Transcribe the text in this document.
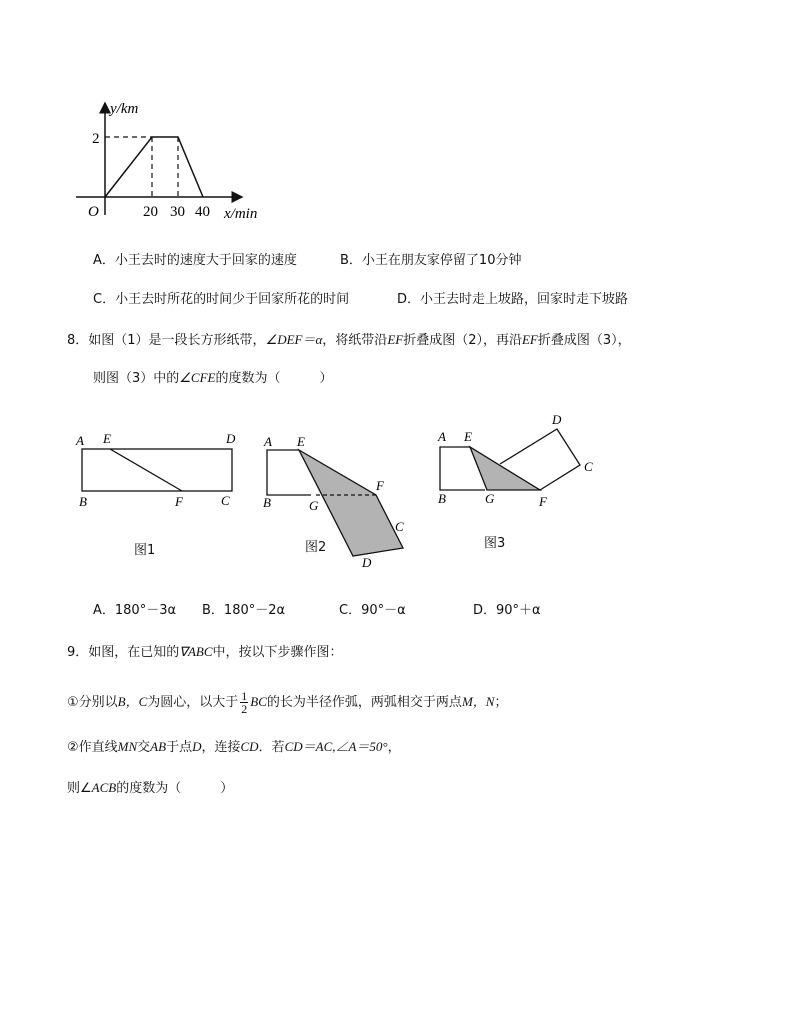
y/km
2
O	20 30 40 x/min
A．小王去时的速度大于回家的速度	B．小王在朋友家停留了10分钟
C．小王去时所花的时间少于回家所花的时间	D．小王去时走上坡路，回家时走下坡路
8．如图（1）是一段长方形纸带，∠DEF＝α，将纸带沿EF折叠成图（2），再沿EF折叠成图（3），
则图（3）中的∠CFE的度数为（　　　）
A E	D
B	F	C
图1
A E
F
B	G
C
D
图2
A E
D
C
B	G	F
图3
A．180°－3α B．180°－2α	C．90°－α	D．90°＋α
9．如图，在已知的∇ABC中，按以下步骤作图：
①分别以B，C为圆心，以大于 $\frac{1}{2}$ BC的长为半径作弧，两弧相交于两点M，N；
②作直线MN交AB于点D，连接CD．若CD＝AC,∠A＝50°，
则∠ACB的度数为（　　　）
